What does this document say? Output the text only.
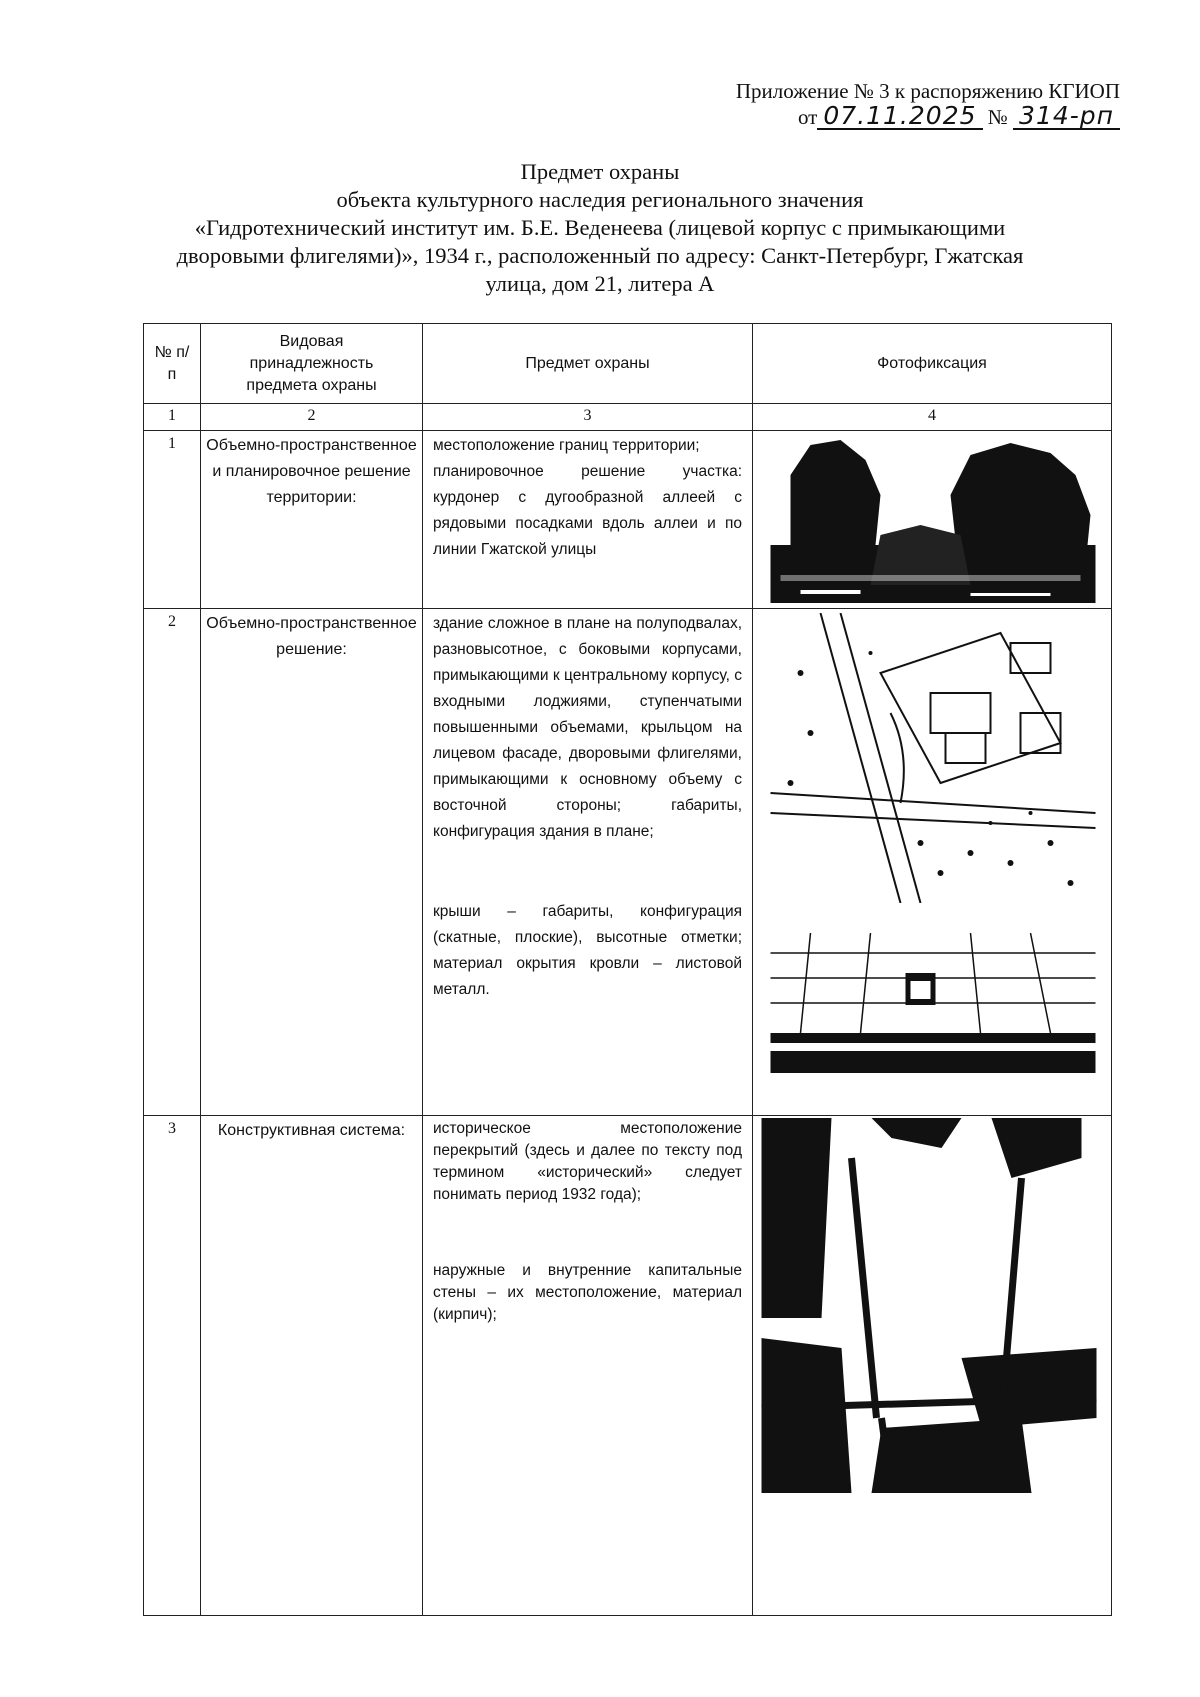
Приложение № 3 к распоряжению КГИОП
от 07.11.2025 № 314-рп
Предмет охраны
объекта культурного наследия регионального значения
«Гидротехнический институт им. Б.Е. Веденеева (лицевой корпус с примыкающими
дворовыми флигелями)», 1934 г., расположенный по адресу: Санкт-Петербург, Гжатская
улица, дом 21, литера А
№ п/п	Видовая принадлежность предмета охраны	Предмет охраны	Фотофиксация
1	2	3	4
1	Объемно-пространственное и планировочное решение территории:	местоположение границ территории;

планировочное решение участка: курдонер с дугообразной аллеей с рядовыми посадками вдоль аллеи и по линии Гжатской улицы

2	Объемно-пространственное решение:	здание сложное в плане на полуподвалах, разновысотное, с боковыми корпусами, примыкающими к центральному корпусу, с входными лоджиями, ступенчатыми повышенными объемами, крыльцом на лицевом фасаде, дворовыми флигелями, примыкающими к основному объему с восточной стороны; габариты, конфигурация здания в плане;

крыши – габариты, конфигурация (скатные, плоские), высотные отметки; материал окрытия кровли – листовой металл.

3	Конструктивная система:	историческое местоположение перекрытий (здесь и далее по тексту под термином «исторический» следует понимать период 1932 года);

наружные и внутренние капитальные стены – их местоположение, материал (кирпич);
